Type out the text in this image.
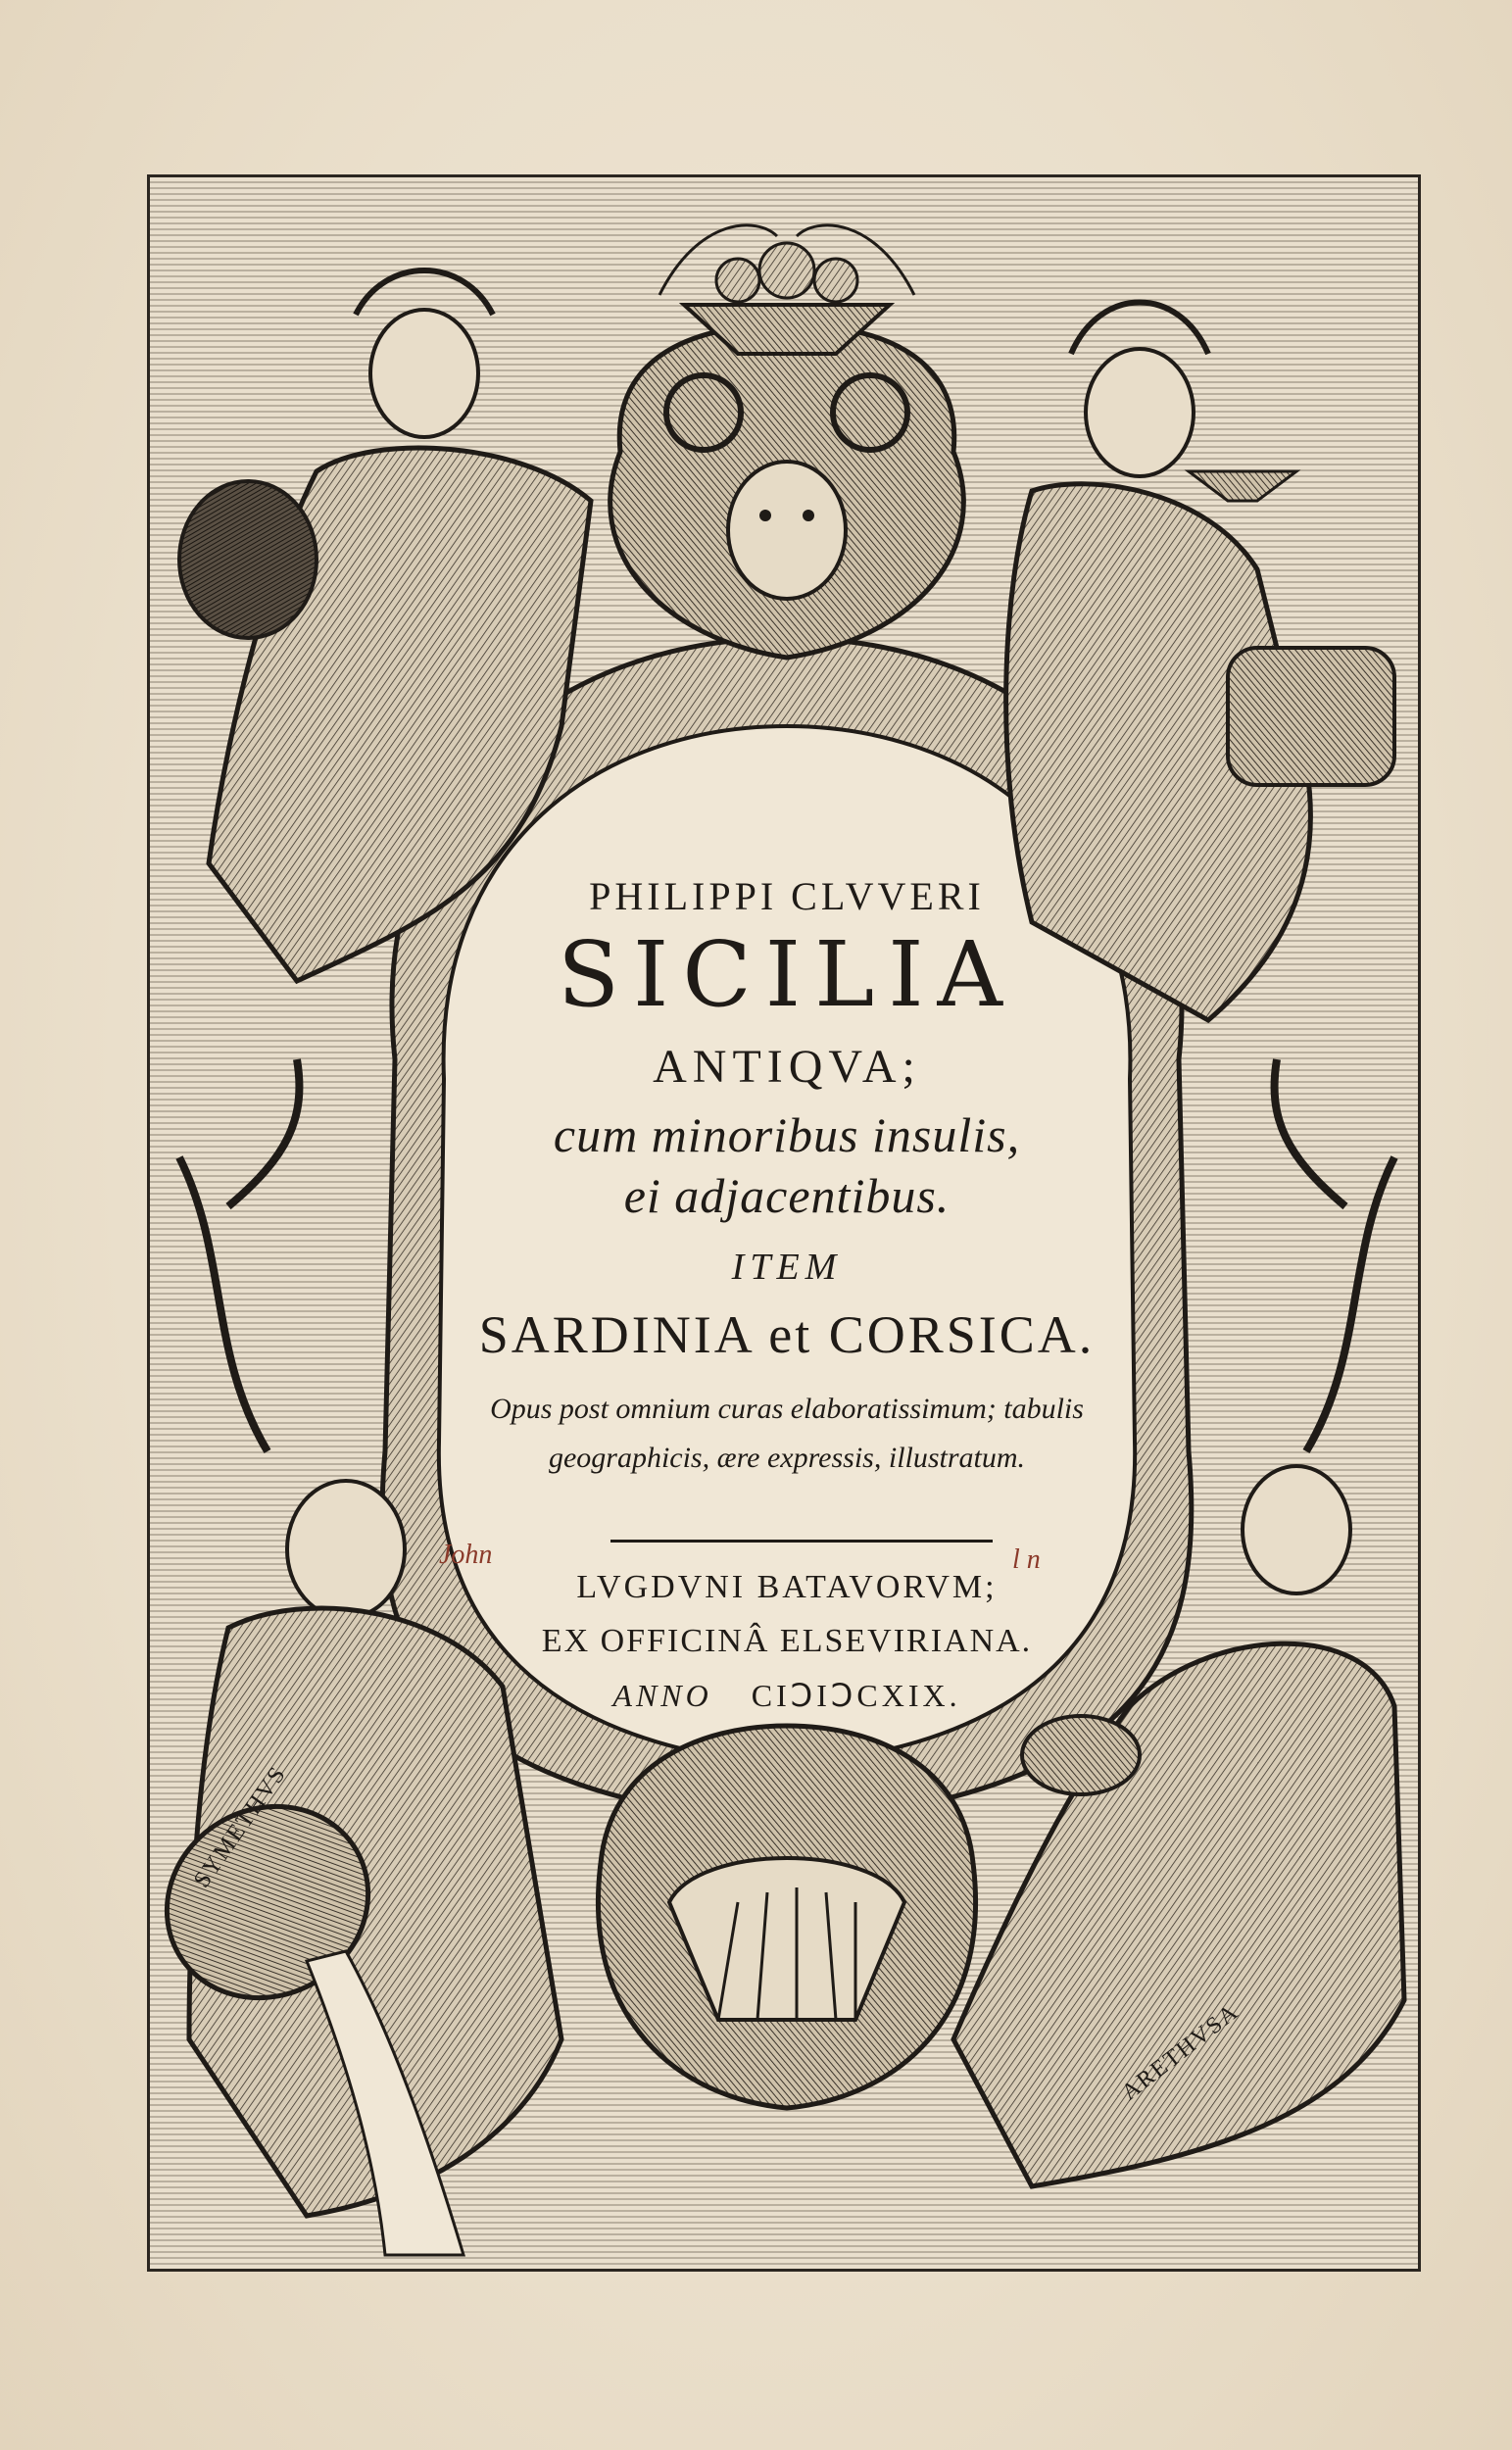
PHILIPPI CLVVERI
SICILIA
ANTIQVA;
cum minoribus insulis,
ei adjacentibus.
ITEM
SARDINIA et CORSICA.
Opus post omnium curas elaboratissimum; tabulis
geographicis, ære expressis, illustratum.
LVGDVNI BATAVORVM;
EX OFFICINÂ ELSEVIRIANA.
ANNO CIↃIↃCXIX.
SYMETHVS
ARETHVSA
John	l n
